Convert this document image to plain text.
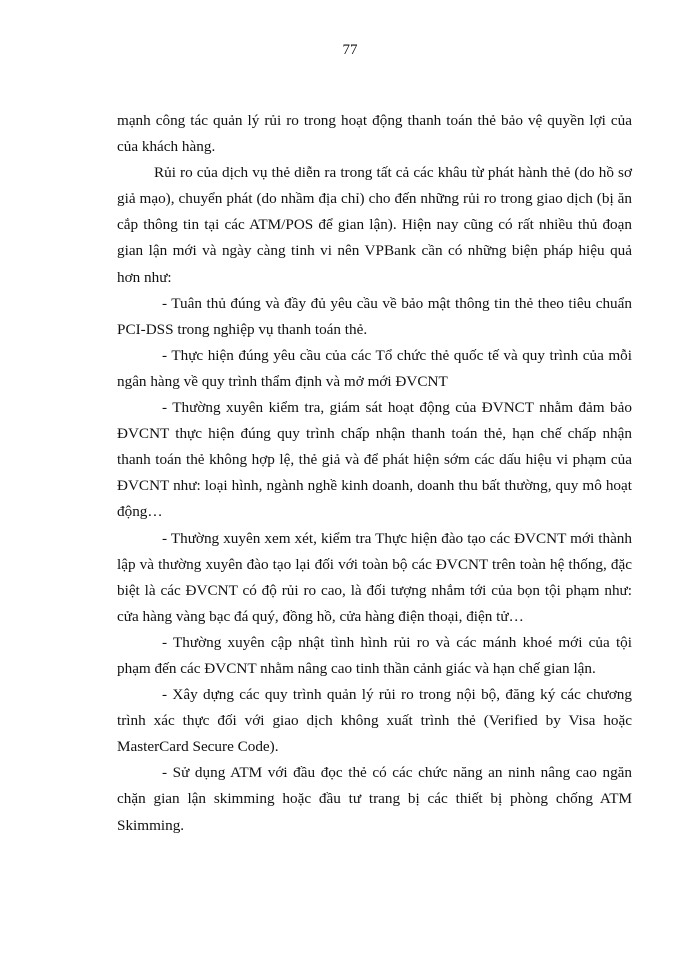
77

mạnh công tác quản lý rủi ro trong hoạt động thanh toán thẻ bảo vệ quyền lợi của của khách hàng.

Rủi ro của dịch vụ thẻ diễn ra trong tất cả các khâu từ phát hành thẻ (do hồ sơ giả mạo), chuyển phát (do nhầm địa chỉ) cho đến những rủi ro trong giao dịch (bị ăn cắp thông tin tại các ATM/POS để gian lận). Hiện nay cũng có rất nhiều thủ đoạn gian lận mới và ngày càng tinh vi nên VPBank cần có những biện pháp hiệu quả hơn như:

- Tuân thủ đúng và đầy đủ yêu cầu về bảo mật thông tin thẻ theo tiêu chuẩn PCI-DSS trong nghiệp vụ thanh toán thẻ.

- Thực hiện đúng yêu cầu của các Tổ chức thẻ quốc tế và quy trình của mỗi ngân hàng về quy trình thẩm định và mở mới ĐVCNT

- Thường xuyên kiểm tra, giám sát hoạt động của ĐVNCT nhằm đảm bảo ĐVCNT thực hiện đúng quy trình chấp nhận thanh toán thẻ, hạn chế chấp nhận thanh toán thẻ không hợp lệ, thẻ giả và để phát hiện sớm các dấu hiệu vi phạm của ĐVCNT như: loại hình, ngành nghề kinh doanh, doanh thu bất thường, quy mô hoạt động…

- Thường xuyên xem xét, kiểm tra Thực hiện đào tạo các ĐVCNT mới thành lập và thường xuyên đào tạo lại đối với toàn bộ các ĐVCNT trên toàn hệ thống, đặc biệt là các ĐVCNT có độ rủi ro cao, là đối tượng nhắm tới của bọn tội phạm như: cửa hàng vàng bạc đá quý, đồng hồ, cửa hàng điện thoại, điện tử…

- Thường xuyên cập nhật tình hình rủi ro và các mánh khoé mới của tội phạm đến các ĐVCNT nhằm nâng cao tinh thần cảnh giác và hạn chế gian lận.

- Xây dựng các quy trình quản lý rủi ro trong nội bộ, đăng ký các chương trình xác thực đối với giao dịch không xuất trình thẻ (Verified by Visa hoặc MasterCard Secure Code).

- Sử dụng ATM với đầu đọc thẻ có các chức năng an ninh nâng cao ngăn chặn gian lận skimming hoặc đầu tư trang bị các thiết bị phòng chống ATM Skimming.
